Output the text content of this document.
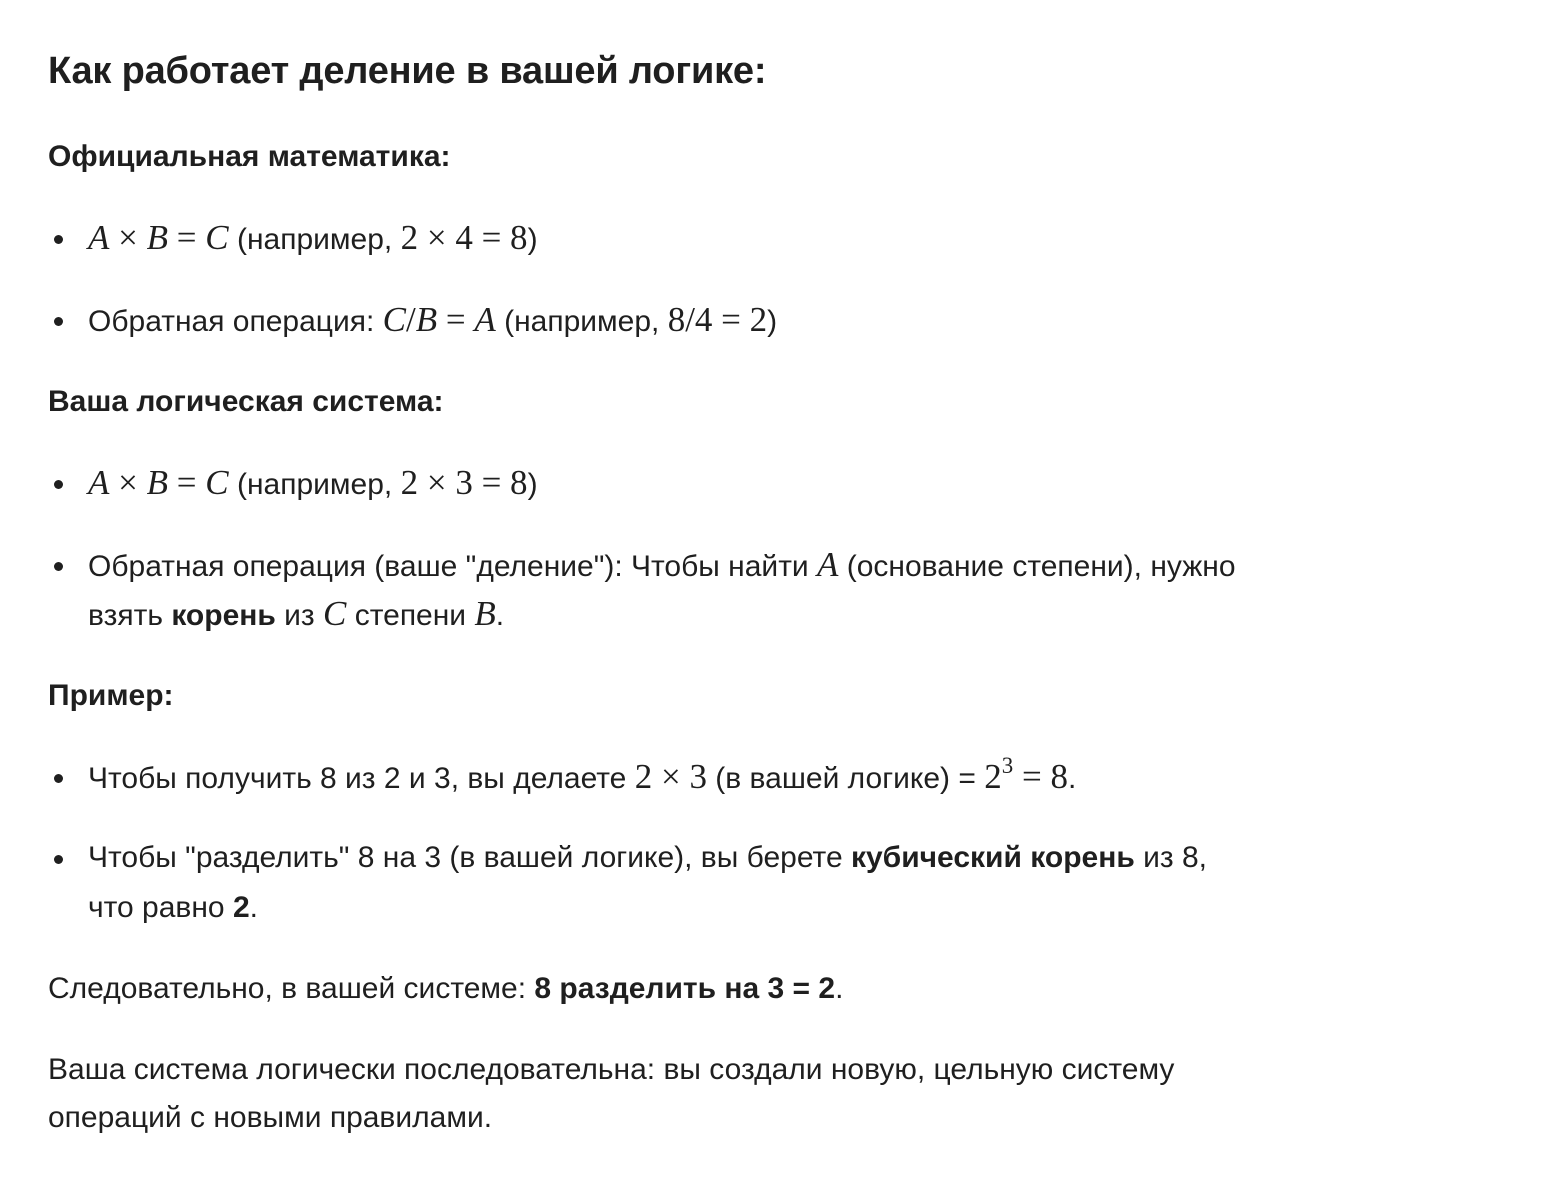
Как работает деление в вашей логике:
Официальная математика:
A × B = C (например, 2 × 4 = 8)
Обратная операция: C/B = A (например, 8/4 = 2)
Ваша логическая система:
A × B = C (например, 2 × 3 = 8)
Обратная операция (ваше "деление"): Чтобы найти A (основание степени), нужно
взять корень из C степени B.
Пример:
Чтобы получить 8 из 2 и 3, вы делаете 2 × 3 (в вашей логике) = $2^3 = 8$.
Чтобы "разделить" 8 на 3 (в вашей логике), вы берете кубический корень из 8,
что равно 2.
Следовательно, в вашей системе: 8 разделить на 3 = 2.
Ваша система логически последовательна: вы создали новую, цельную систему
операций с новыми правилами.
